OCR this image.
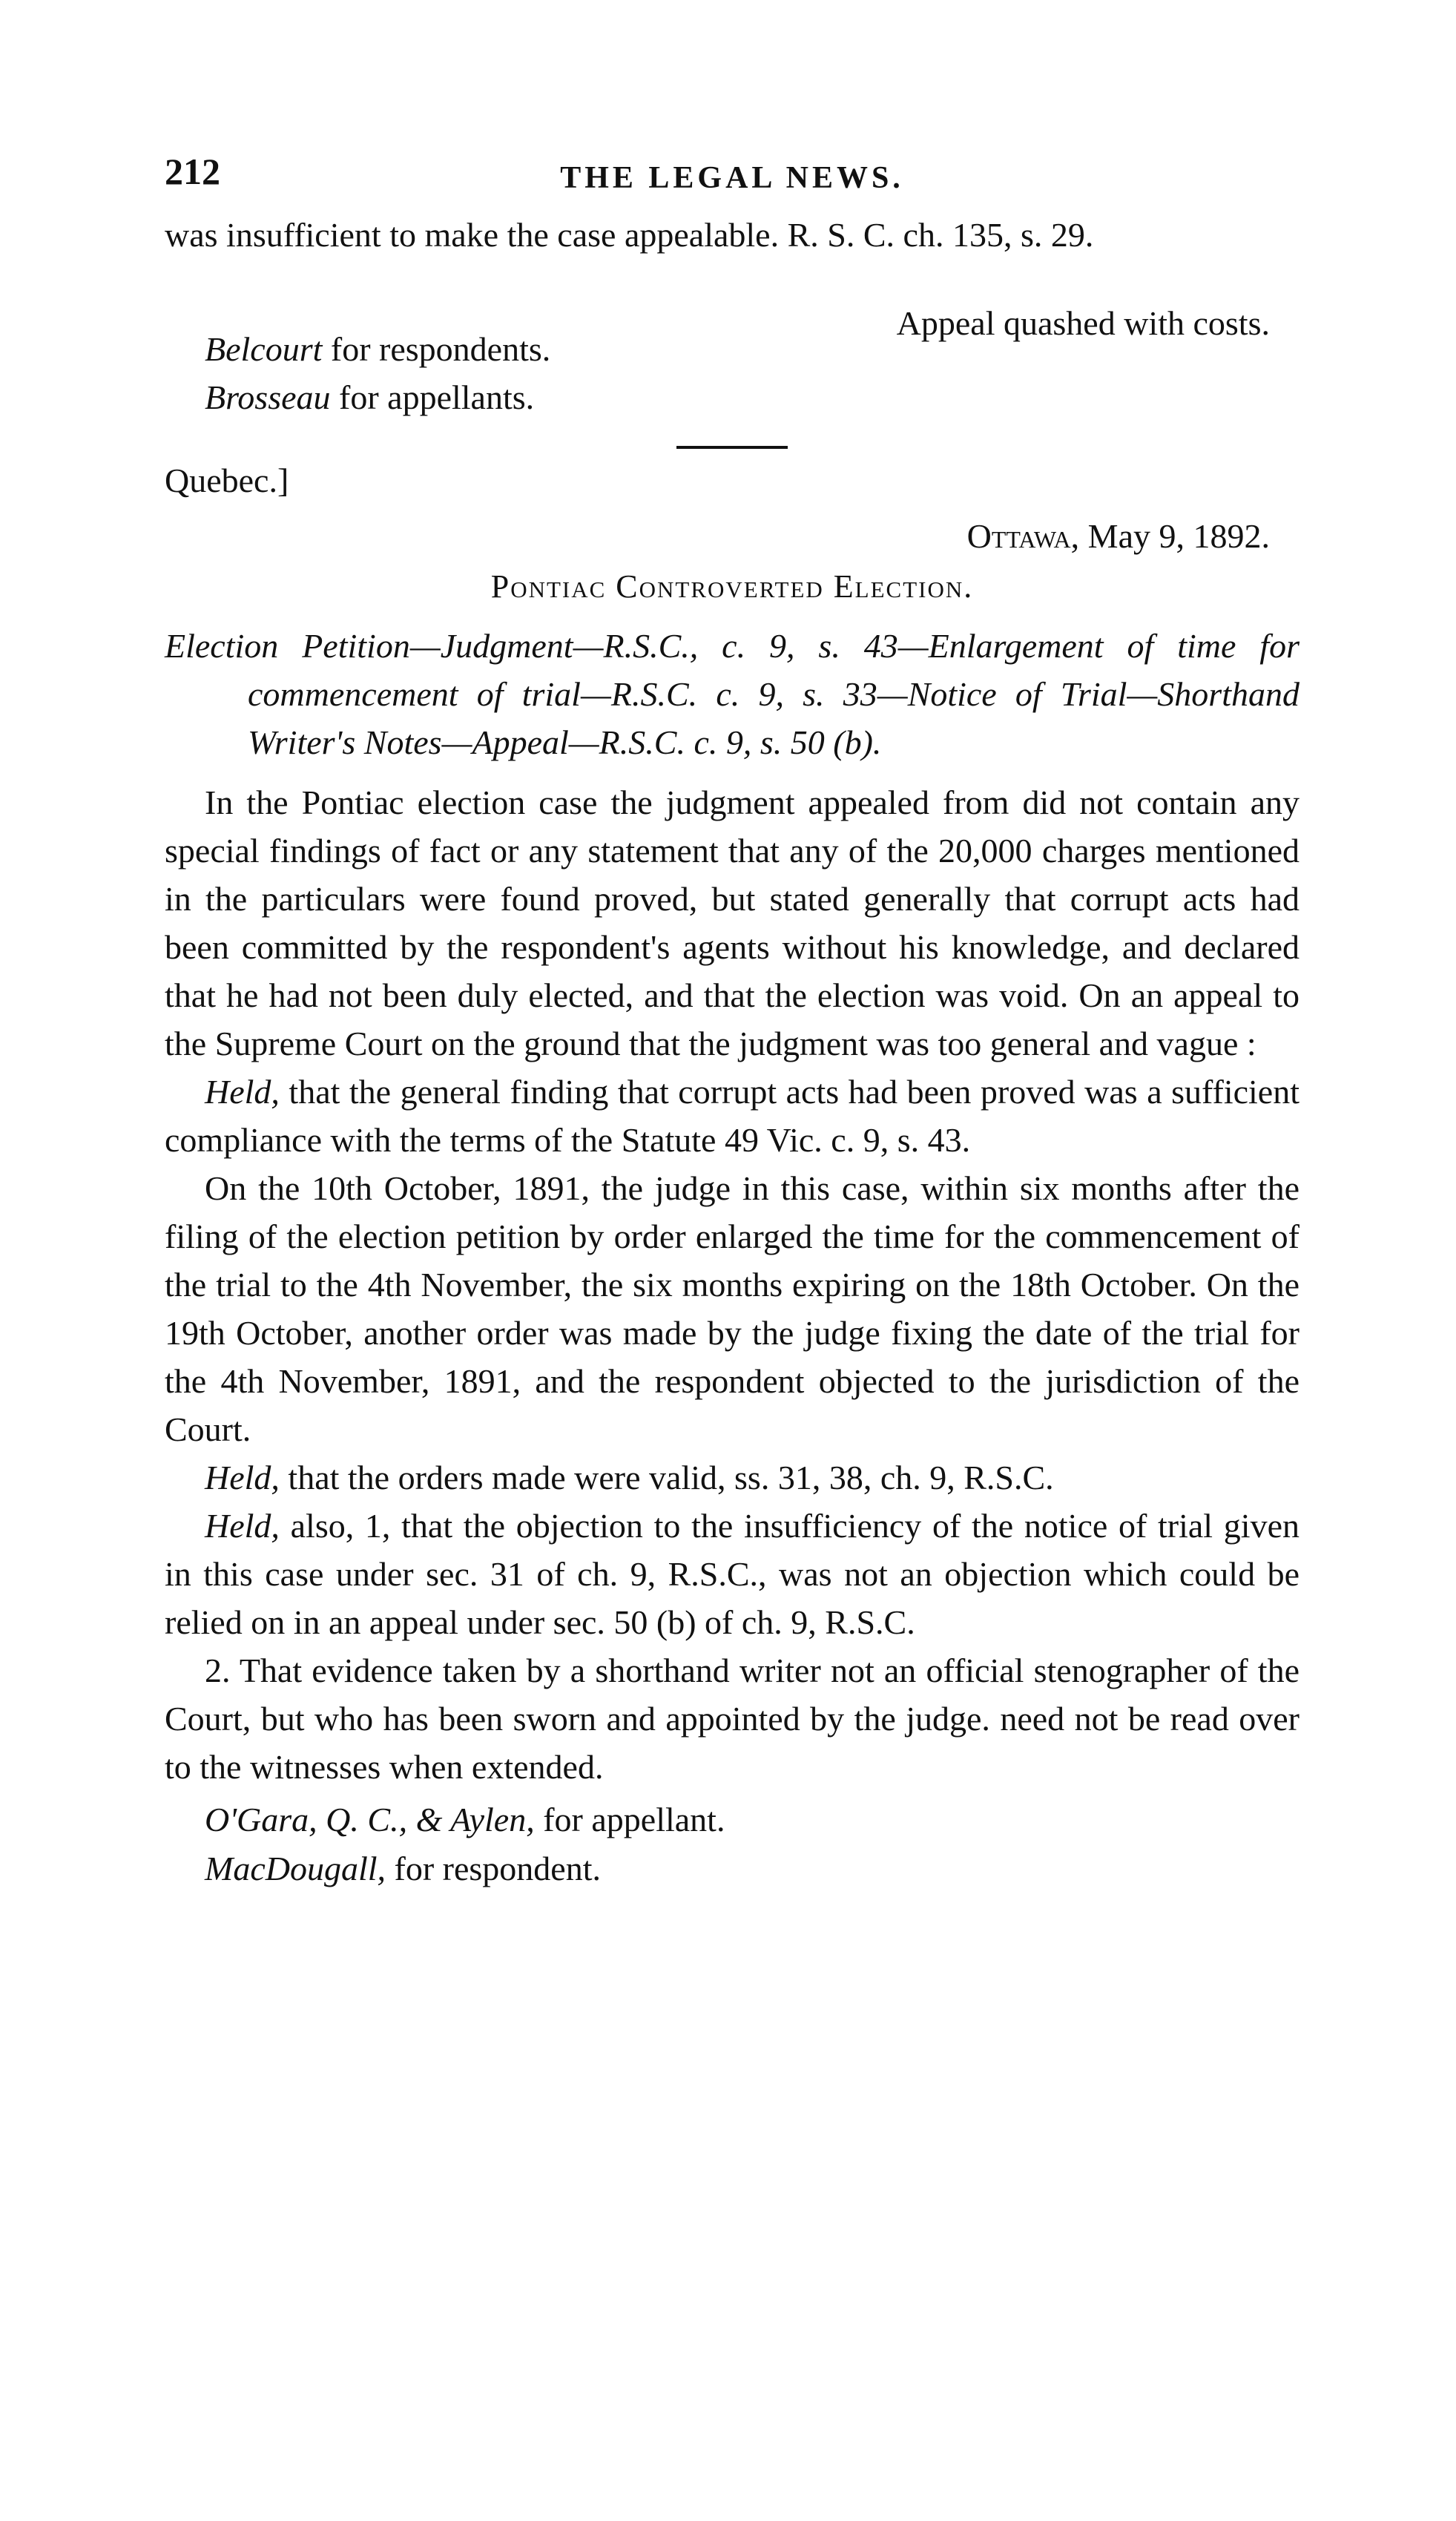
212	THE LEGAL NEWS.

was insufficient to make the case appealable. R. S. C. ch. 135, s. 29.

Appeal quashed with costs.
Belcourt for respondents.
Brosseau for appellants.
Quebec.]
Ottawa, May 9, 1892.
Pontiac Controverted Election.
Election Petition—Judgment—R.S.C., c. 9, s. 43—Enlargement of time for commencement of trial—R.S.C. c. 9, s. 33—Notice of Trial—Shorthand Writer's Notes—Appeal—R.S.C. c. 9, s. 50 (b).

In the Pontiac election case the judgment appealed from did not contain any special findings of fact or any statement that any of the 20,000 charges mentioned in the particulars were found proved, but stated generally that corrupt acts had been committed by the respondent's agents without his knowledge, and declared that he had not been duly elected, and that the election was void. On an appeal to the Supreme Court on the ground that the judgment was too general and vague :

Held, that the general finding that corrupt acts had been proved was a sufficient compliance with the terms of the Statute 49 Vic. c. 9, s. 43.

On the 10th October, 1891, the judge in this case, within six months after the filing of the election petition by order enlarged the time for the commencement of the trial to the 4th November, the six months expiring on the 18th October. On the 19th October, another order was made by the judge fixing the date of the trial for the 4th November, 1891, and the respondent objected to the jurisdiction of the Court.

Held, that the orders made were valid, ss. 31, 38, ch. 9, R.S.C.

Held, also, 1, that the objection to the insufficiency of the notice of trial given in this case under sec. 31 of ch. 9, R.S.C., was not an objection which could be relied on in an appeal under sec. 50 (b) of ch. 9, R.S.C.

2. That evidence taken by a shorthand writer not an official stenographer of the Court, but who has been sworn and appointed by the judge. need not be read over to the witnesses when extended.

O'Gara, Q. C., & Aylen, for appellant.
MacDougall, for respondent.
